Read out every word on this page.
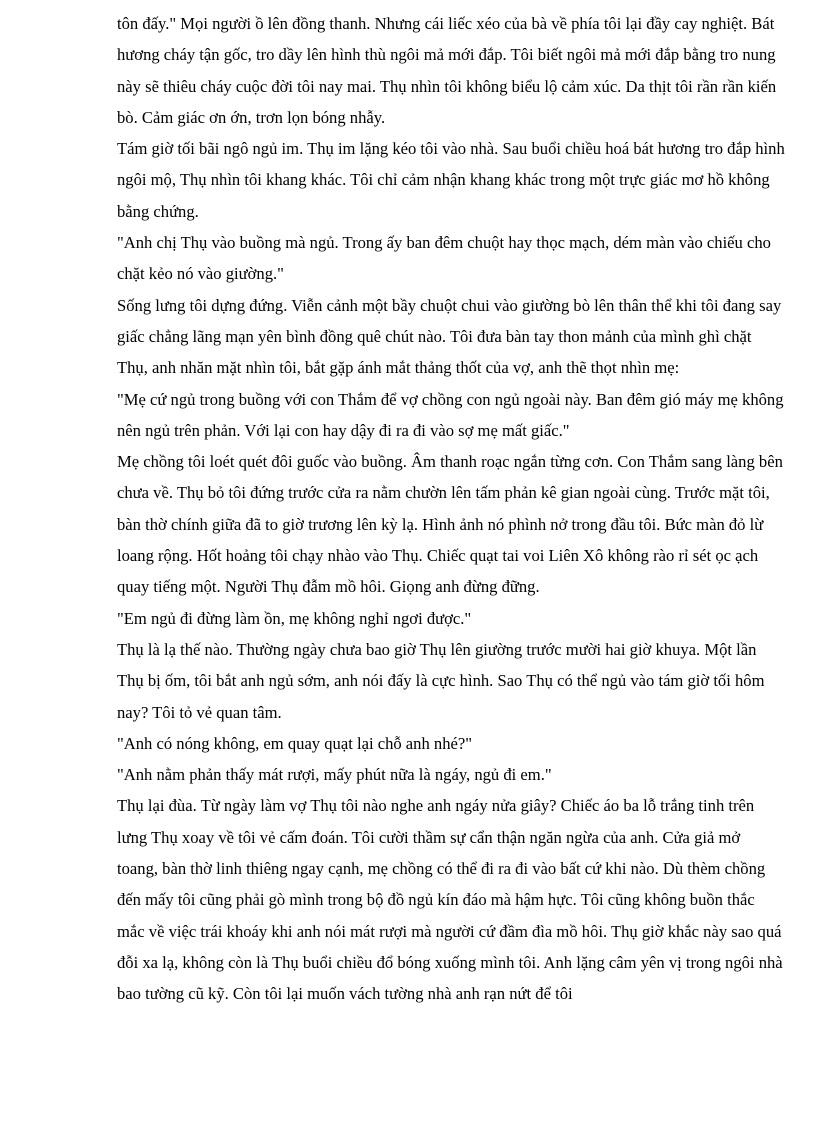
tôn đấy." Mọi người ồ lên đồng thanh. Nhưng cái liếc xéo của bà về phía tôi lại đầy cay nghiệt. Bát hương cháy tận gốc, tro dầy lên hình thù ngôi mả mới đắp. Tôi biết ngôi mả mới đắp bằng tro nung này sẽ thiêu cháy cuộc đời tôi nay mai. Thụ nhìn tôi không biểu lộ cảm xúc. Da thịt tôi rần rần kiến bò. Cảm giác ơn ớn, trơn lọn bóng nhẫy.

Tám giờ tối bãi ngô ngủ im. Thụ im lặng kéo tôi vào nhà. Sau buổi chiều hoá bát hương tro đắp hình ngôi mộ, Thụ nhìn tôi khang khác. Tôi chỉ cảm nhận khang khác trong một trực giác mơ hồ không bằng chứng.

"Anh chị Thụ vào buồng mà ngủ. Trong ấy ban đêm chuột hay thọc mạch, dém màn vào chiếu cho chặt kẻo nó vào giường."

Sống lưng tôi dựng đứng. Viễn cảnh một bầy chuột chui vào giường bò lên thân thể khi tôi đang say giấc chẳng lãng mạn yên bình đồng quê chút nào. Tôi đưa bàn tay thon mảnh của mình ghì chặt Thụ, anh nhăn mặt nhìn tôi, bắt gặp ánh mắt thảng thốt của vợ, anh thẽ thọt nhìn mẹ:

"Mẹ cứ ngủ trong buồng với con Thắm để vợ chồng con ngủ ngoài này. Ban đêm gió máy mẹ không nên ngủ trên phản. Với lại con hay dậy đi ra đi vào sợ mẹ mất giấc."

Mẹ chồng tôi loét quét đôi guốc vào buồng. Âm thanh roạc ngắn từng cơn. Con Thắm sang làng bên chưa về. Thụ bỏ tôi đứng trước cửa ra nằm chườn lên tấm phản kê gian ngoài cùng. Trước mặt tôi, bàn thờ chính giữa đã to giờ trương lên kỳ lạ. Hình ảnh nó phình nở trong đầu tôi. Bức màn đỏ lừ loang rộng. Hốt hoảng tôi chạy nhào vào Thụ. Chiếc quạt tai voi Liên Xô không rào rỉ sét ọc ạch quay tiếng một. Người Thụ đẫm mồ hôi. Giọng anh đừng đững.

"Em ngủ đi đừng làm ồn, mẹ không nghỉ ngơi được."

Thụ là lạ thế nào. Thường ngày chưa bao giờ Thụ lên giường trước mười hai giờ khuya. Một lần Thụ bị ốm, tôi bắt anh ngủ sớm, anh nói đấy là cực hình. Sao Thụ có thể ngủ vào tám giờ tối hôm nay? Tôi tỏ vẻ quan tâm.

"Anh có nóng không, em quay quạt lại chỗ anh nhé?"

"Anh nằm phản thấy mát rượi, mấy phút nữa là ngáy, ngủ đi em."

Thụ lại đùa. Từ ngày làm vợ Thụ tôi nào nghe anh ngáy nửa giây? Chiếc áo ba lỗ trắng tinh trên lưng Thụ xoay về tôi vẻ cấm đoán. Tôi cười thầm sự cẩn thận ngăn ngừa của anh. Cửa giả mở toang, bàn thờ linh thiêng ngay cạnh, mẹ chồng có thể đi ra đi vào bất cứ khi nào. Dù thèm chồng đến mấy tôi cũng phải gò mình trong bộ đồ ngủ kín đáo mà hậm hực. Tôi cũng không buồn thắc mắc về việc trái khoáy khi anh nói mát rượi mà người cứ đầm đìa mồ hôi. Thụ giờ khắc này sao quá đỗi xa lạ, không còn là Thụ buổi chiều đổ bóng xuống mình tôi. Anh lặng câm yên vị trong ngôi nhà bao tường cũ kỹ. Còn tôi lại muốn vách tường nhà anh rạn nứt để tôi
